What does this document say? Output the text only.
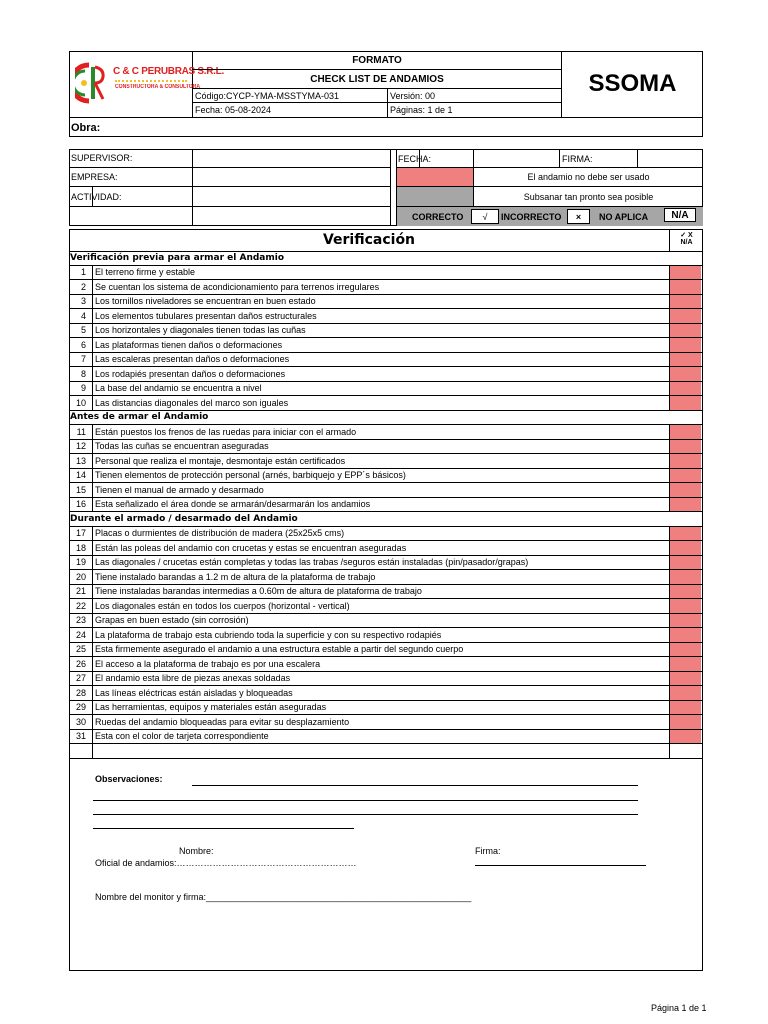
C & C PERUBRAS S.R.L.
CONSTRUCTORA & CONSULTORA
FORMATO
CHECK LIST DE ANDAMIOS
Código:CYCP-YMA-MSSTYMA-031	Versión: 00
Fecha: 05-08-2024	Páginas: 1 de 1
SSOMA
Obra:
SUPERVISOR:
EMPRESA:
ACTIVIDAD:
FECHA:	FIRMA:
El andamio no debe ser usado
Subsanar tan pronto sea posible
CORRECTO	√	INCORRECTO	×	NO APLICA	N/A
Verificación	✓ X
N/A
Verificación previa para armar el Andamio
1	El terreno firme y estable
2	Se cuentan los sistema de acondicionamiento para terrenos irregulares
3	Los tornillos niveladores se encuentran en buen estado
4	Los elementos tubulares presentan daños estructurales
5	Los horizontales y diagonales tienen todas las cuñas
6	Las plataformas tienen daños o deformaciones
7	Las escaleras presentan daños o deformaciones
8	Los rodapiés presentan daños o deformaciones
9	La base del andamio se encuentra a nivel
10	Las distancias diagonales del marco son iguales
Antes de armar el Andamio
11	Están puestos los frenos de las ruedas para iniciar con el armado
12	Todas las cuñas se encuentran aseguradas
13	Personal que realiza el montaje, desmontaje están certificados
14	Tienen elementos de protección personal (arnés, barbiquejo y EPP´s básicos)
15	Tienen el manual de armado y desarmado
16	Esta señalizado el área donde se armarán/desarmarán los andamios
Durante el armado / desarmado del Andamio
17	Placas o durmientes de distribución de madera (25x25x5 cms)
18	Están las poleas del andamio con crucetas y estas se encuentran aseguradas
19	Las diagonales / crucetas están completas y todas las trabas /seguros están instaladas (pin/pasador/grapas)
20	Tiene instalado barandas a 1.2 m de altura de la plataforma de trabajo
21	Tiene instaladas barandas intermedias a 0.60m de altura de plataforma de trabajo
22	Los diagonales están en todos los cuerpos (horizontal - vertical)
23	Grapas en buen estado (sin corrosión)
24	La plataforma de trabajo esta cubriendo toda la superficie y con su respectivo rodapiés
25	Esta firmemente asegurado el andamio a una estructura estable a partir del segundo cuerpo
26	El acceso a la plataforma de trabajo es por una escalera
27	El andamio esta libre de piezas anexas soldadas
28	Las líneas eléctricas están aisladas y bloqueadas
29	Las herramientas, equipos y materiales están aseguradas
30	Ruedas del andamio bloqueadas para evitar su desplazamiento
31	Esta con el color de tarjeta correspondiente
Observaciones:
Nombre:
Oficial de andamios:……………………………………………………
Firma:
Nombre del monitor y firma:_____________________________________________________
Página 1 de 1
